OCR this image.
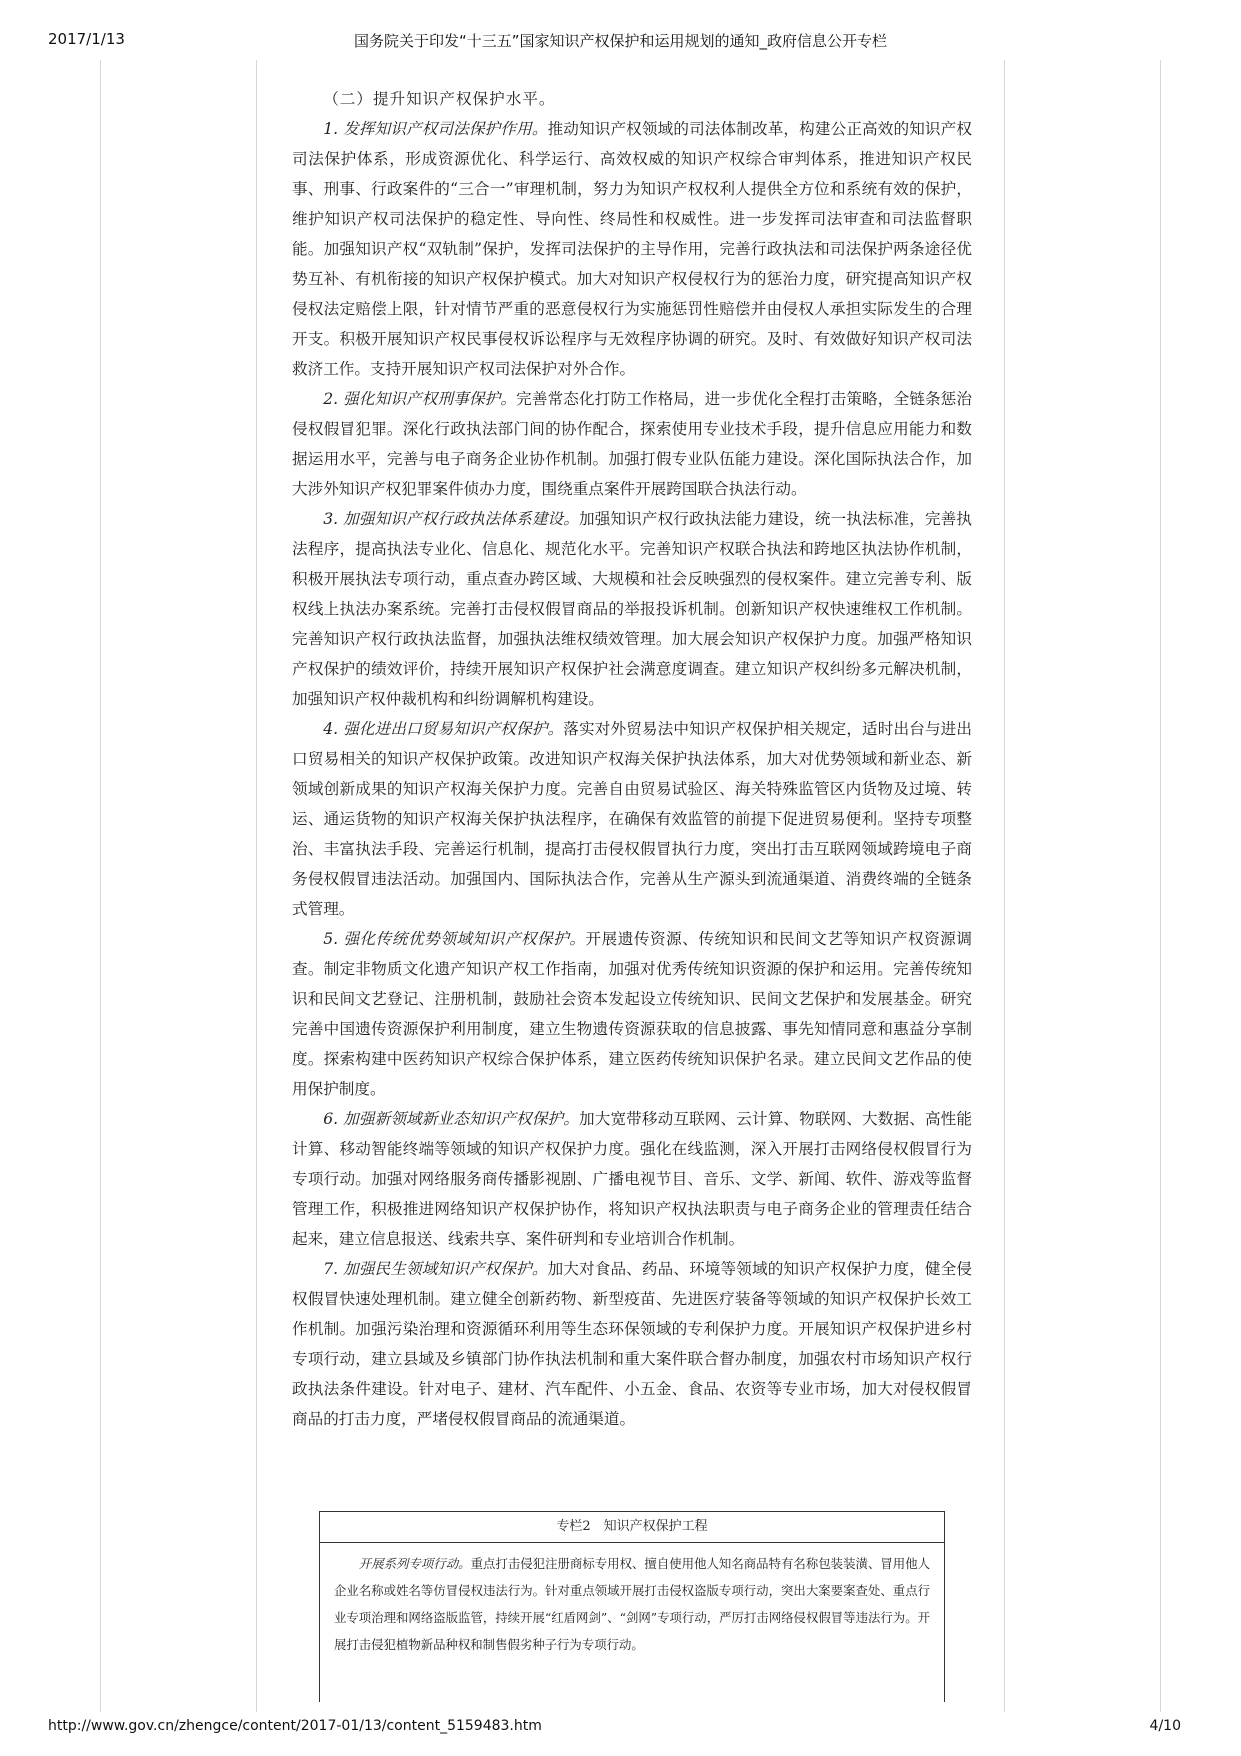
2017/1/13	国务院关于印发“十三五”国家知识产权保护和运用规划的通知_政府信息公开专栏

（二）提升知识产权保护水平。

1. 发挥知识产权司法保护作用。推动知识产权领域的司法体制改革，构建公正高效的知识产权司法保护体系，形成资源优化、科学运行、高效权威的知识产权综合审判体系，推进知识产权民事、刑事、行政案件的“三合一”审理机制，努力为知识产权权利人提供全方位和系统有效的保护，维护知识产权司法保护的稳定性、导向性、终局性和权威性。进一步发挥司法审查和司法监督职能。加强知识产权“双轨制”保护，发挥司法保护的主导作用，完善行政执法和司法保护两条途径优势互补、有机衔接的知识产权保护模式。加大对知识产权侵权行为的惩治力度，研究提高知识产权侵权法定赔偿上限，针对情节严重的恶意侵权行为实施惩罚性赔偿并由侵权人承担实际发生的合理开支。积极开展知识产权民事侵权诉讼程序与无效程序协调的研究。及时、有效做好知识产权司法救济工作。支持开展知识产权司法保护对外合作。

2. 强化知识产权刑事保护。完善常态化打防工作格局，进一步优化全程打击策略，全链条惩治侵权假冒犯罪。深化行政执法部门间的协作配合，探索使用专业技术手段，提升信息应用能力和数据运用水平，完善与电子商务企业协作机制。加强打假专业队伍能力建设。深化国际执法合作，加大涉外知识产权犯罪案件侦办力度，围绕重点案件开展跨国联合执法行动。

3. 加强知识产权行政执法体系建设。加强知识产权行政执法能力建设，统一执法标准，完善执法程序，提高执法专业化、信息化、规范化水平。完善知识产权联合执法和跨地区执法协作机制，积极开展执法专项行动，重点查办跨区域、大规模和社会反映强烈的侵权案件。建立完善专利、版权线上执法办案系统。完善打击侵权假冒商品的举报投诉机制。创新知识产权快速维权工作机制。完善知识产权行政执法监督，加强执法维权绩效管理。加大展会知识产权保护力度。加强严格知识产权保护的绩效评价，持续开展知识产权保护社会满意度调查。建立知识产权纠纷多元解决机制，加强知识产权仲裁机构和纠纷调解机构建设。

4. 强化进出口贸易知识产权保护。落实对外贸易法中知识产权保护相关规定，适时出台与进出口贸易相关的知识产权保护政策。改进知识产权海关保护执法体系，加大对优势领域和新业态、新领域创新成果的知识产权海关保护力度。完善自由贸易试验区、海关特殊监管区内货物及过境、转运、通运货物的知识产权海关保护执法程序，在确保有效监管的前提下促进贸易便利。坚持专项整治、丰富执法手段、完善运行机制，提高打击侵权假冒执行力度，突出打击互联网领域跨境电子商务侵权假冒违法活动。加强国内、国际执法合作，完善从生产源头到流通渠道、消费终端的全链条式管理。

5. 强化传统优势领域知识产权保护。开展遗传资源、传统知识和民间文艺等知识产权资源调查。制定非物质文化遗产知识产权工作指南，加强对优秀传统知识资源的保护和运用。完善传统知识和民间文艺登记、注册机制，鼓励社会资本发起设立传统知识、民间文艺保护和发展基金。研究完善中国遗传资源保护利用制度，建立生物遗传资源获取的信息披露、事先知情同意和惠益分享制度。探索构建中医药知识产权综合保护体系，建立医药传统知识保护名录。建立民间文艺作品的使用保护制度。

6. 加强新领域新业态知识产权保护。加大宽带移动互联网、云计算、物联网、大数据、高性能计算、移动智能终端等领域的知识产权保护力度。强化在线监测，深入开展打击网络侵权假冒行为专项行动。加强对网络服务商传播影视剧、广播电视节目、音乐、文学、新闻、软件、游戏等监督管理工作，积极推进网络知识产权保护协作，将知识产权执法职责与电子商务企业的管理责任结合起来，建立信息报送、线索共享、案件研判和专业培训合作机制。

7. 加强民生领域知识产权保护。加大对食品、药品、环境等领域的知识产权保护力度，健全侵权假冒快速处理机制。建立健全创新药物、新型疫苗、先进医疗装备等领域的知识产权保护长效工作机制。加强污染治理和资源循环利用等生态环保领域的专利保护力度。开展知识产权保护进乡村专项行动，建立县域及乡镇部门协作执法机制和重大案件联合督办制度，加强农村市场知识产权行政执法条件建设。针对电子、建材、汽车配件、小五金、食品、农资等专业市场，加大对侵权假冒商品的打击力度，严堵侵权假冒商品的流通渠道。

专栏2　知识产权保护工程
开展系列专项行动。重点打击侵犯注册商标专用权、擅自使用他人知名商品特有名称包装装潢、冒用他人企业名称或姓名等仿冒侵权违法行为。针对重点领域开展打击侵权盗版专项行动，突出大案要案查处、重点行业专项治理和网络盗版监管，持续开展“红盾网剑”、“剑网”专项行动，严厉打击网络侵权假冒等违法行为。开展打击侵犯植物新品种权和制售假劣种子行为专项行动。
http://www.gov.cn/zhengce/content/2017-01/13/content_5159483.htm	4/10
